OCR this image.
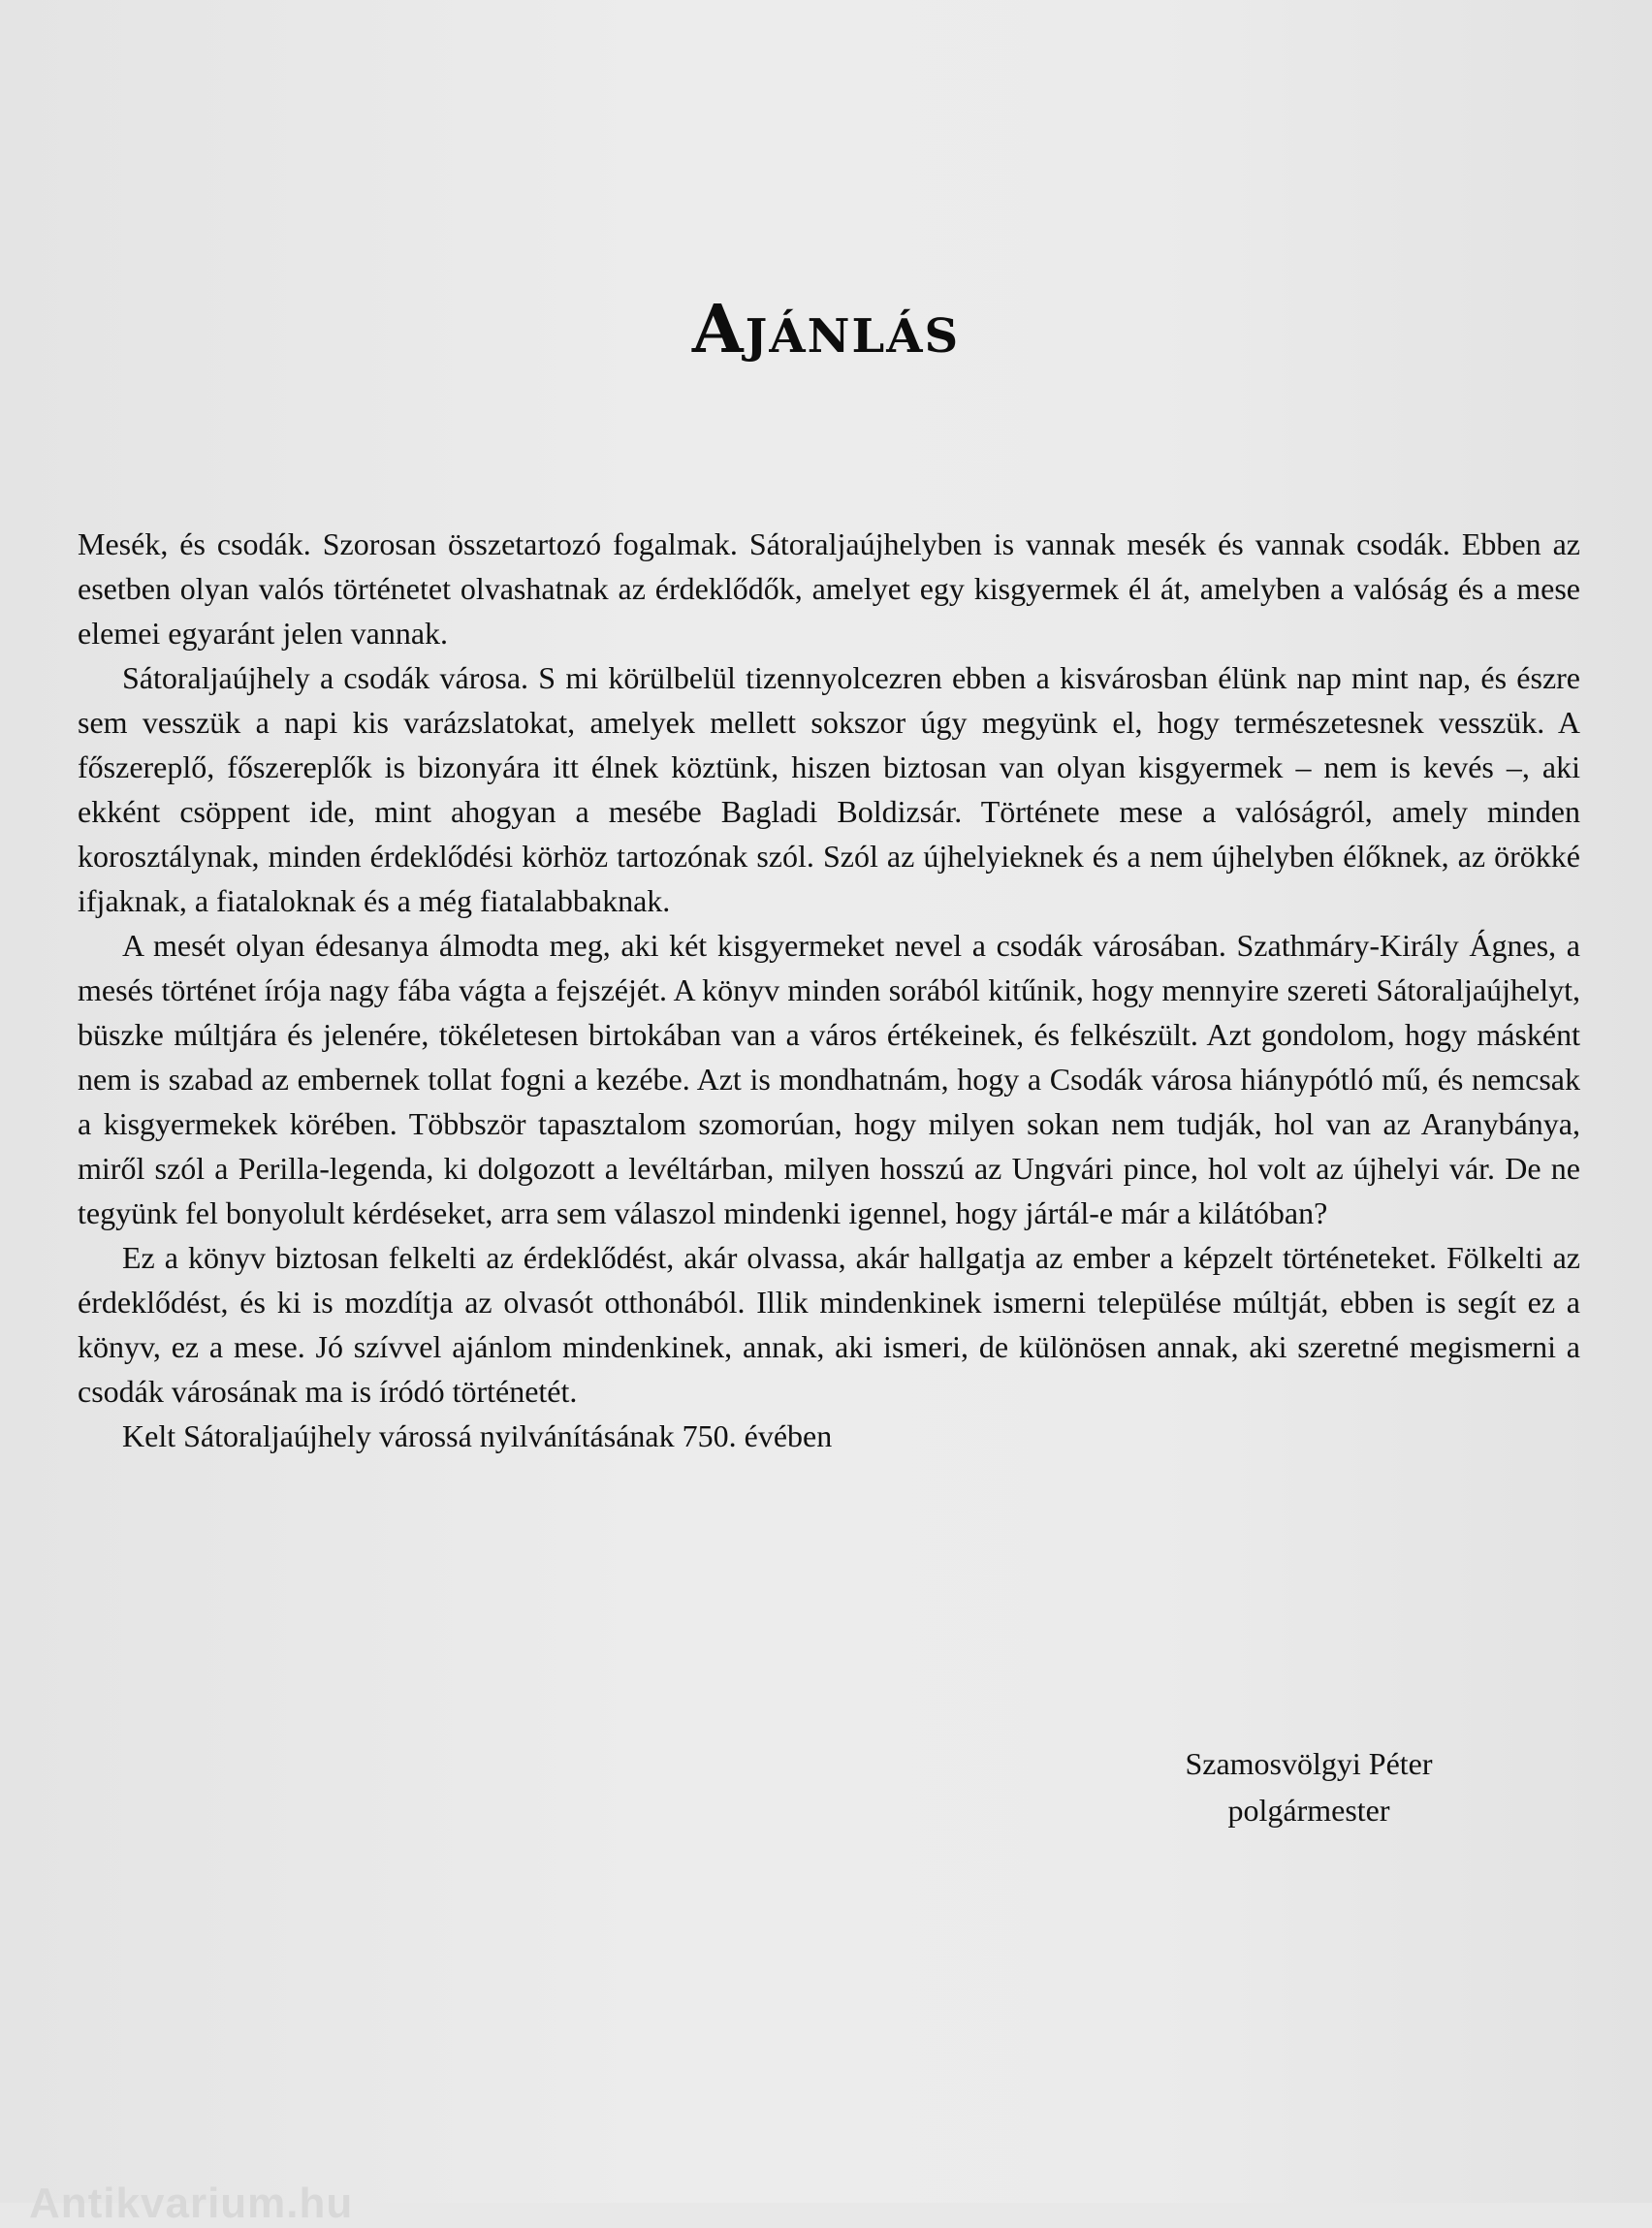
Ajánlás

Mesék, és csodák. Szorosan összetartozó fogalmak. Sátoraljaújhelyben is vannak mesék és vannak csodák. Ebben az esetben olyan valós történetet olvashatnak az érdeklődők, amelyet egy kisgyermek él át, amelyben a valóság és a mese elemei egyaránt jelen vannak.

Sátoraljaújhely a csodák városa. S mi körülbelül tizennyolcezren ebben a kisvárosban élünk nap mint nap, és észre sem vesszük a napi kis varázslatokat, amelyek mellett sokszor úgy megyünk el, hogy természetesnek vesszük. A főszereplő, főszereplők is bizonyára itt élnek köztünk, hiszen biztosan van olyan kisgyermek – nem is kevés –, aki ekként csöppent ide, mint ahogyan a mesébe Bagladi Boldizsár. Története mese a valóságról, amely minden korosztálynak, minden érdeklődési körhöz tartozónak szól. Szól az újhelyieknek és a nem újhelyben élőknek, az örökké ifjaknak, a fiataloknak és a még fiatalabbaknak.

A mesét olyan édesanya álmodta meg, aki két kisgyermeket nevel a csodák városában. Szathmáry-Király Ágnes, a mesés történet írója nagy fába vágta a fejszéjét. A könyv minden sorából kitűnik, hogy mennyire szereti Sátoraljaújhelyt, büszke múltjára és jelenére, tökéletesen birtokában van a város értékeinek, és felkészült. Azt gondolom, hogy másként nem is szabad az embernek tollat fogni a kezébe. Azt is mondhatnám, hogy a Csodák városa hiánypótló mű, és nemcsak a kisgyermekek körében. Többször tapasztalom szomorúan, hogy milyen sokan nem tudják, hol van az Aranybánya, miről szól a Perilla-legenda, ki dolgozott a levéltárban, milyen hosszú az Ungvári pince, hol volt az újhelyi vár. De ne tegyünk fel bonyolult kérdéseket, arra sem válaszol mindenki igennel, hogy jártál-e már a kilátóban?

Ez a könyv biztosan felkelti az érdeklődést, akár olvassa, akár hallgatja az ember a képzelt történeteket. Fölkelti az érdeklődést, és ki is mozdítja az olvasót otthonából. Illik mindenkinek ismerni települése múltját, ebben is segít ez a könyv, ez a mese. Jó szívvel ajánlom mindenkinek, annak, aki ismeri, de különösen annak, aki szeretné megismerni a csodák városának ma is íródó történetét.

Kelt Sátoraljaújhely várossá nyilvánításának 750. évében

Szamosvölgyi Péter
polgármester
Antikvarium.hu
